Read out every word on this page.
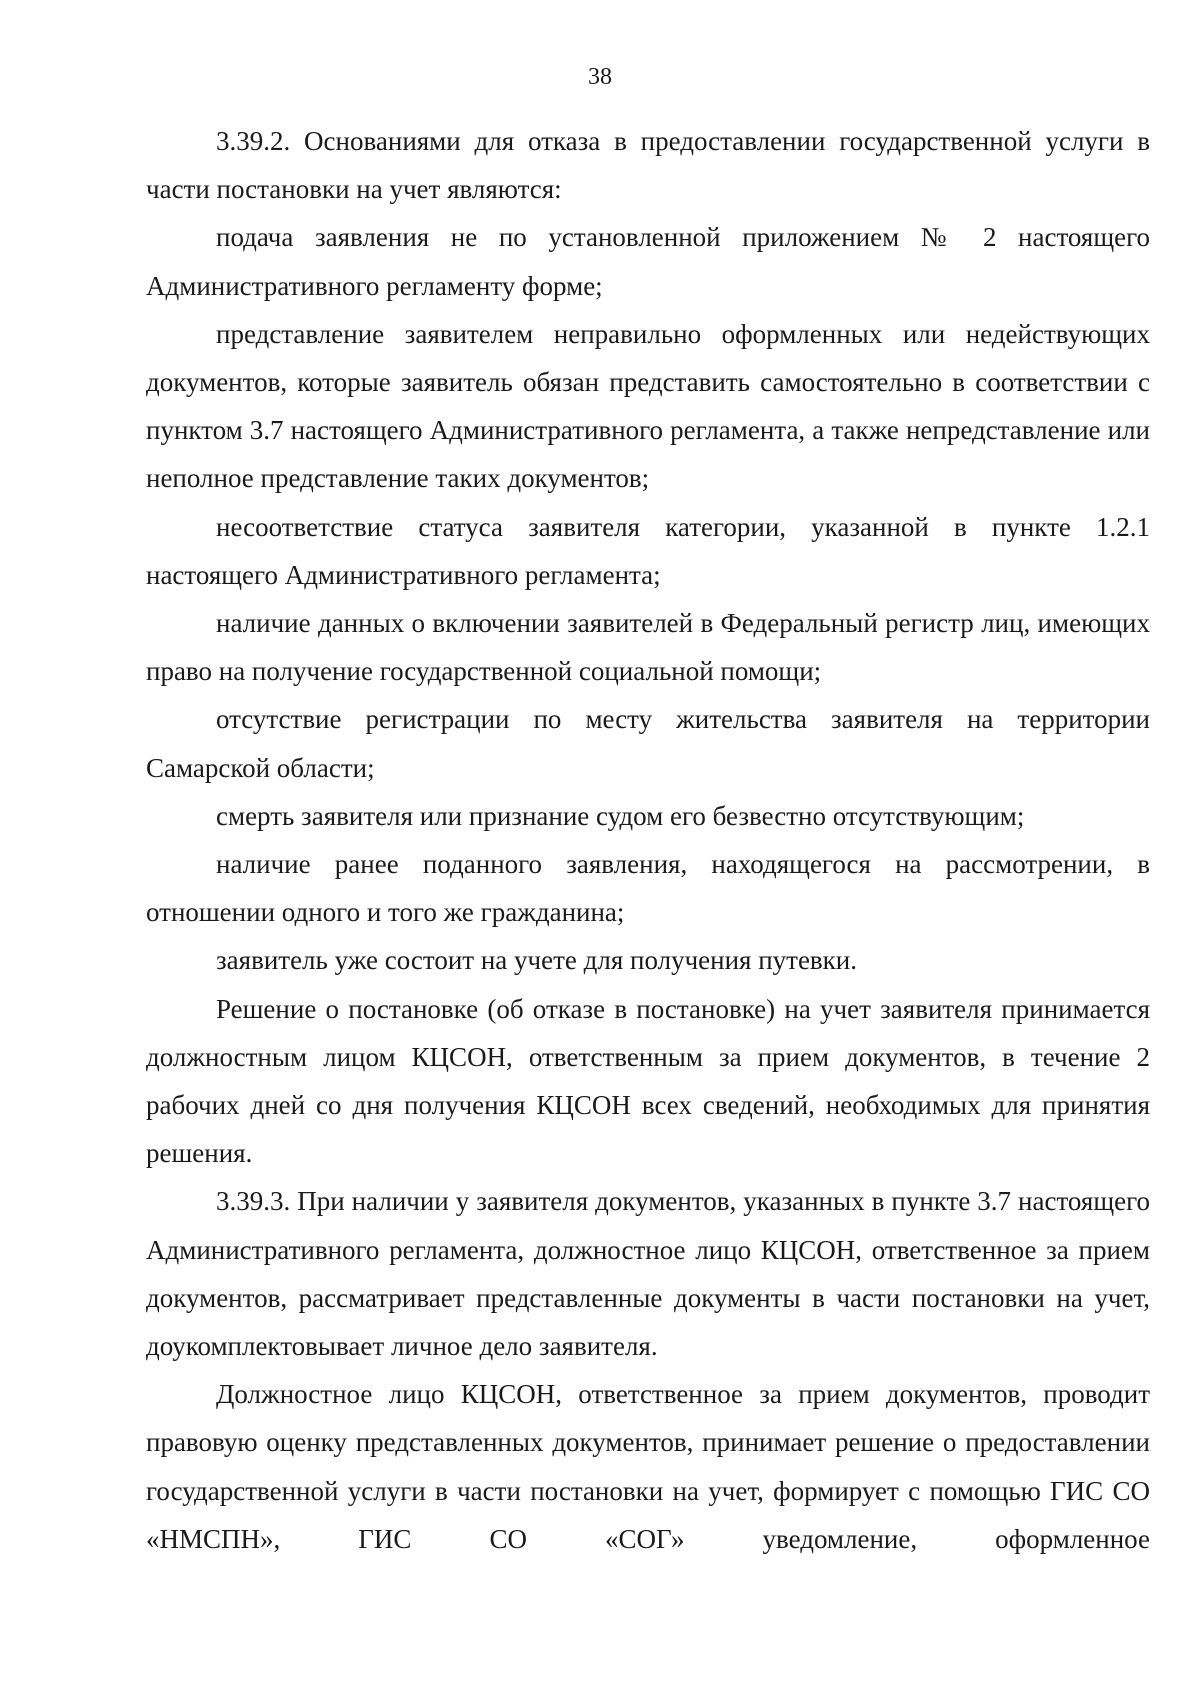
38

3.39.2. Основаниями для отказа в предоставлении государственной услуги в части постановки на учет являются:

подача заявления не по установленной приложением № 2 настоящего Административного регламенту форме;

представление заявителем неправильно оформленных или недействующих документов, которые заявитель обязан представить самостоятельно в соответствии с пунктом 3.7 настоящего Административного регламента, а также непредставление или неполное представление таких документов;

несоответствие статуса заявителя категории, указанной в пункте 1.2.1 настоящего Административного регламента;

наличие данных о включении заявителей в Федеральный регистр лиц, имеющих право на получение государственной социальной помощи;

отсутствие регистрации по месту жительства заявителя на территории Самарской области;

смерть заявителя или признание судом его безвестно отсутствующим;

наличие ранее поданного заявления, находящегося на рассмотрении, в отношении одного и того же гражданина;

заявитель уже состоит на учете для получения путевки.

Решение о постановке (об отказе в постановке) на учет заявителя принимается должностным лицом КЦСОН, ответственным за прием документов, в течение 2 рабочих дней со дня получения КЦСОН всех сведений, необходимых для принятия решения.

3.39.3. При наличии у заявителя документов, указанных в пункте 3.7 настоящего Административного регламента, должностное лицо КЦСОН, ответственное за прием документов, рассматривает представленные документы в части постановки на учет, доукомплектовывает личное дело заявителя.

Должностное лицо КЦСОН, ответственное за прием документов, проводит правовую оценку представленных документов, принимает решение о предоставлении государственной услуги в части постановки на учет, формирует с помощью ГИС СО «НМСПН», ГИС СО «СОГ» уведомление, оформленное
